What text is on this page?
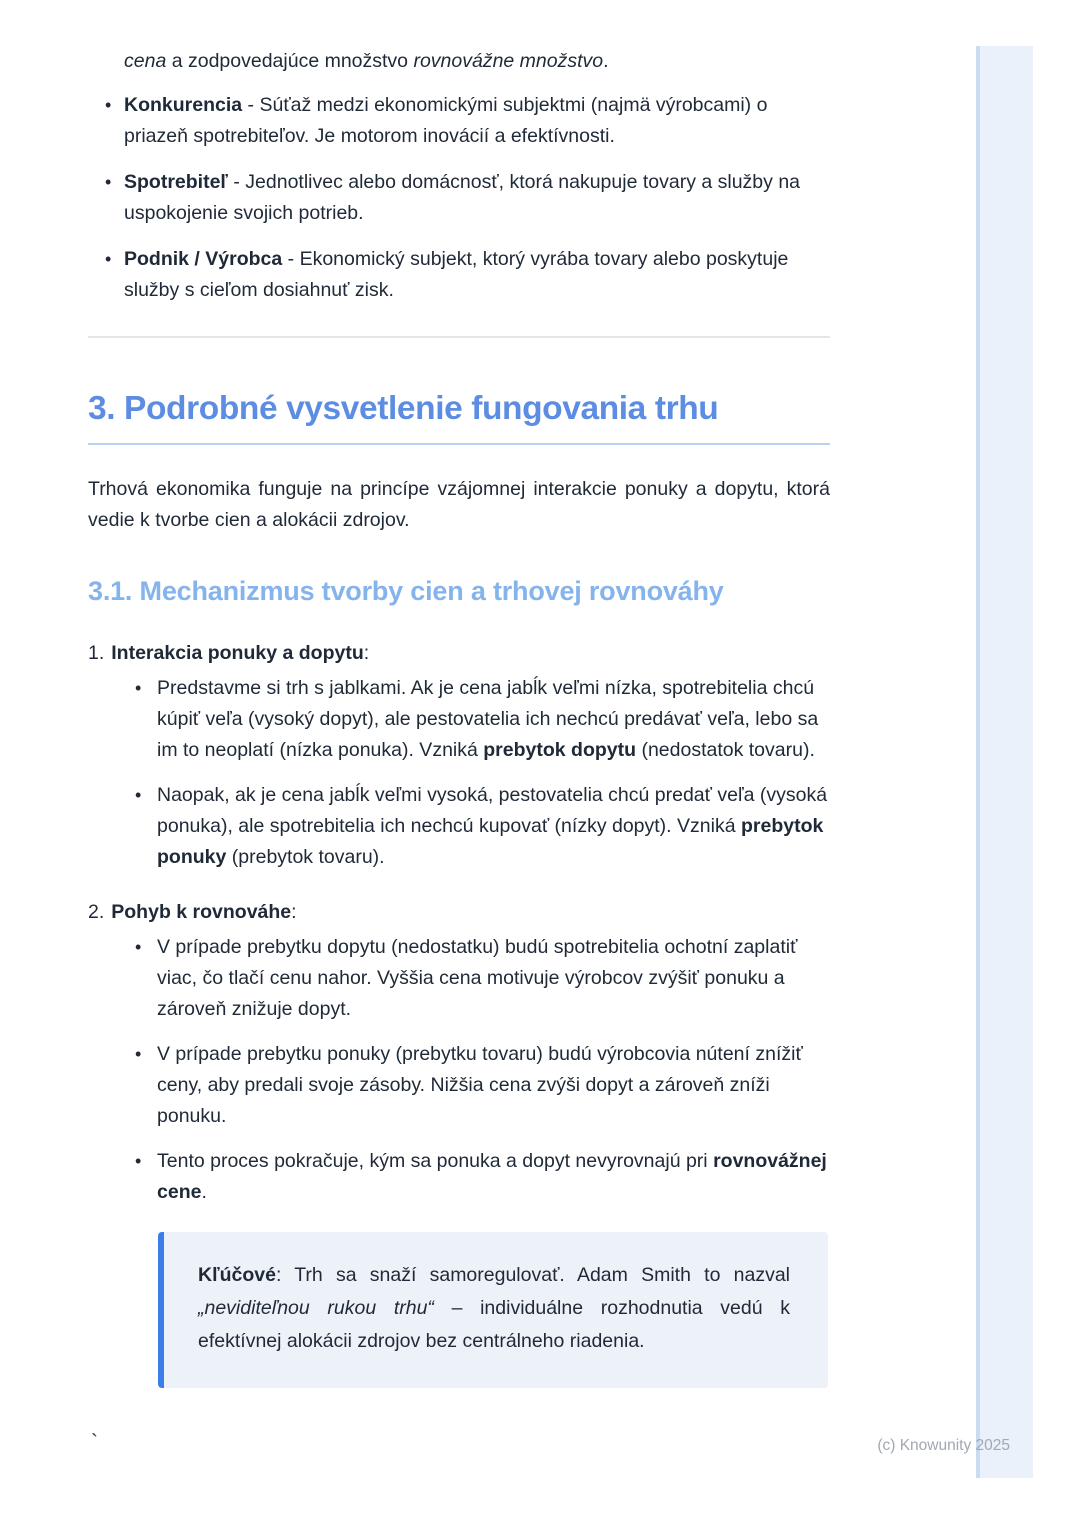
cena a zodpovedajúce množstvo rovnovážne množstvo.

• Konkurencia - Súťaž medzi ekonomickými subjektmi (najmä výrobcami) o priazeň spotrebiteľov. Je motorom inovácií a efektívnosti.
• Spotrebiteľ - Jednotlivec alebo domácnosť, ktorá nakupuje tovary a služby na uspokojenie svojich potrieb.
• Podnik / Výrobca - Ekonomický subjekt, ktorý vyrába tovary alebo poskytuje služby s cieľom dosiahnuť zisk.
3. Podrobné vysvetlenie fungovania trhu

Trhová ekonomika funguje na princípe vzájomnej interakcie ponuky a dopytu, ktorá vedie k tvorbe cien a alokácii zdrojov.

3.1. Mechanizmus tvorby cien a trhovej rovnováhy
1. Interakcia ponuky a dopytu:
• Predstavme si trh s jablkami. Ak je cena jabĺk veľmi nízka, spotrebitelia chcú kúpiť veľa (vysoký dopyt), ale pestovatelia ich nechcú predávať veľa, lebo sa im to neoplatí (nízka ponuka). Vzniká prebytok dopytu (nedostatok tovaru).
• Naopak, ak je cena jabĺk veľmi vysoká, pestovatelia chcú predať veľa (vysoká ponuka), ale spotrebitelia ich nechcú kupovať (nízky dopyt). Vzniká prebytok ponuky (prebytok tovaru).
2. Pohyb k rovnováhe:
• V prípade prebytku dopytu (nedostatku) budú spotrebitelia ochotní zaplatiť viac, čo tlačí cenu nahor. Vyššia cena motivuje výrobcov zvýšiť ponuku a zároveň znižuje dopyt.
• V prípade prebytku ponuky (prebytku tovaru) budú výrobcovia nútení znížiť ceny, aby predali svoje zásoby. Nižšia cena zvýši dopyt a zároveň zníži ponuku.
• Tento proces pokračuje, kým sa ponuka a dopyt nevyrovnajú pri rovnovážnej cene.
Kľúčové: Trh sa snaží samoregulovať. Adam Smith to nazval „neviditeľnou rukou trhu“ – individuálne rozhodnutia vedú k efektívnej alokácii zdrojov bez centrálneho riadenia.
(c) Knowunity 2025
`
